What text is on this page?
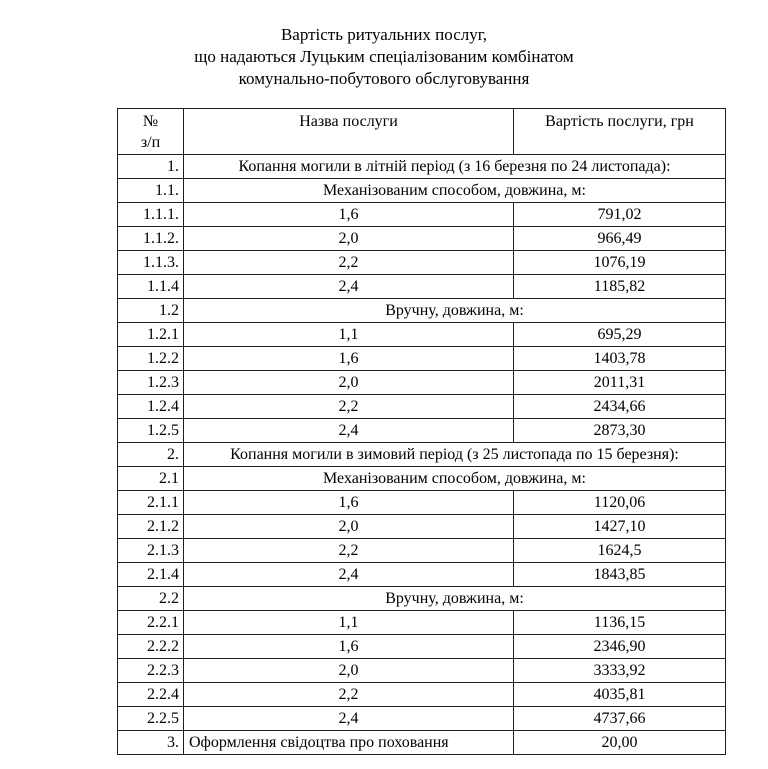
Вартість ритуальних послуг,
що надаються Луцьким спеціалізованим комбінатом
комунально-побутового обслуговування
№
з/п	Назва послуги	Вартість послуги, грн
1.	Копання могили в літній період (з 16 березня по 24 листопада):	
1.1.	Механізованим способом, довжина, м:	
1.1.1.	1,6	791,02
1.1.2.	2,0	966,49
1.1.3.	2,2	1076,19
1.1.4	2,4	1185,82
1.2	Вручну, довжина, м:	
1.2.1	1,1	695,29
1.2.2	1,6	1403,78
1.2.3	2,0	2011,31
1.2.4	2,2	2434,66
1.2.5	2,4	2873,30
2.	Копання могили в зимовий період (з 25 листопада по 15 березня):	
2.1	Механізованим способом, довжина, м:	
2.1.1	1,6	1120,06
2.1.2	2,0	1427,10
2.1.3	2,2	1624,5
2.1.4	2,4	1843,85
2.2	Вручну, довжина, м:	
2.2.1	1,1	1136,15
2.2.2	1,6	2346,90
2.2.3	2,0	3333,92
2.2.4	2,2	4035,81
2.2.5	2,4	4737,66
3.	Оформлення свідоцтва про поховання	20,00
